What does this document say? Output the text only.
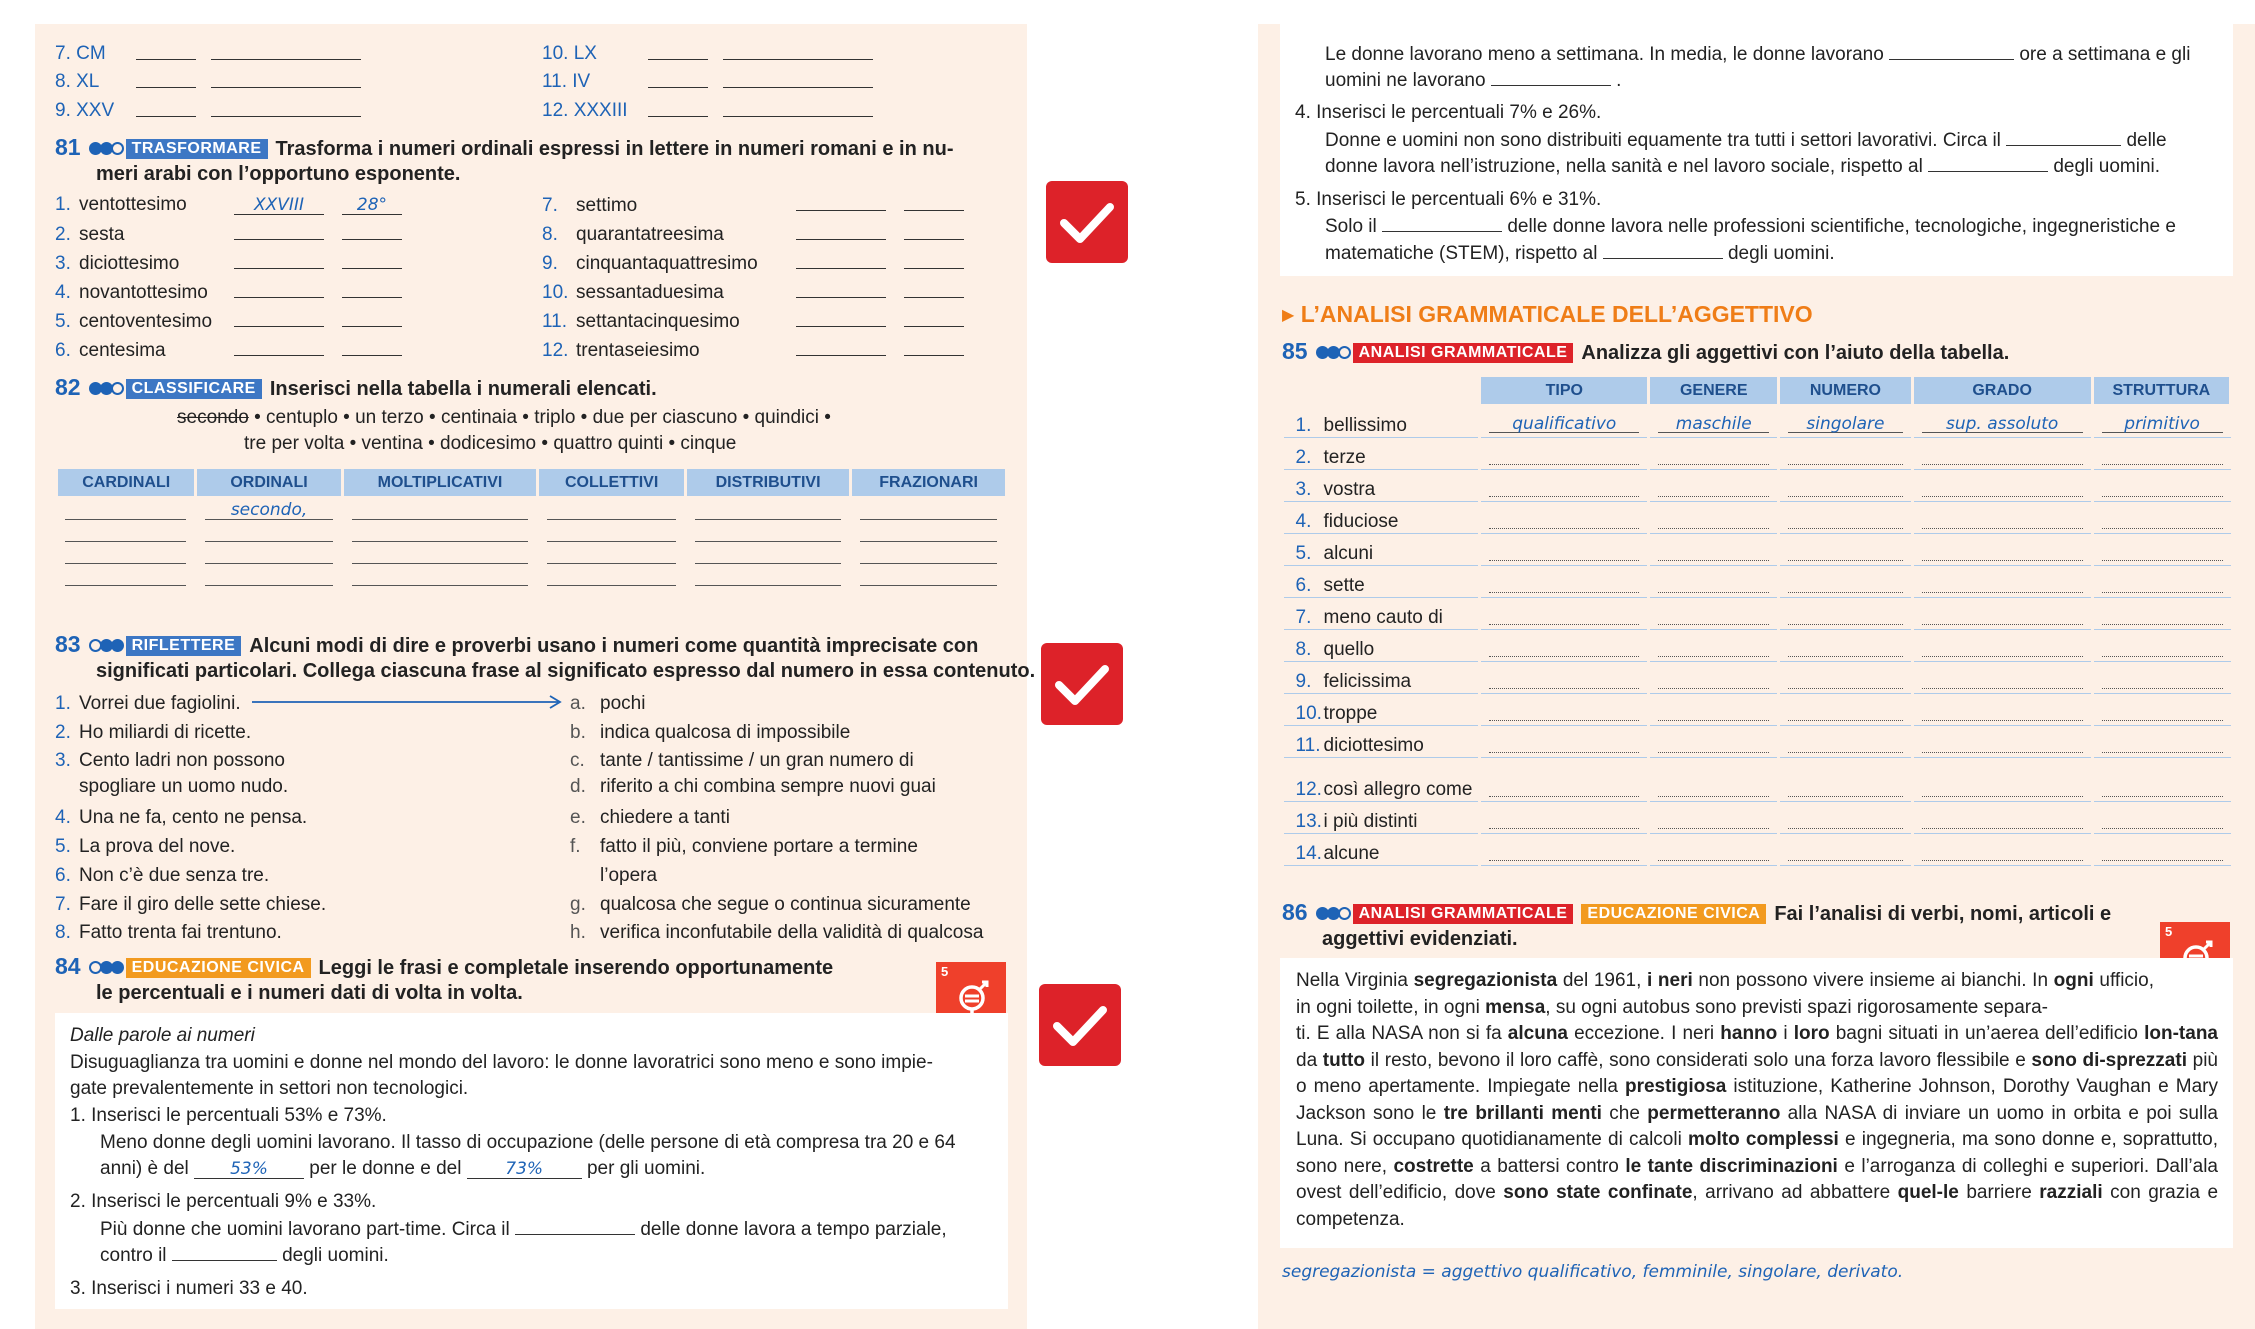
7. CM
8. XL
9. XXV

10. LX
11. IV
12. XXXIII

81	TRASFORMARE Trasforma i numeri ordinali espressi in lettere in numeri romani e in nu-
meri arabi con l’opportuno esponente.
1. ventottesimo	XXVIII	28°
2. sesta
3. diciottesimo
4. novantottesimo
5. centoventesimo
6. centesima
7. settimo
8. quarantatreesima
9. cinquantaquattresimo
10. sessantaduesima
11. settantacinquesimo
12. trentaseiesimo
82	CLASSIFICARE Inserisci nella tabella i numerali elencati.
secondo • centuplo • un terzo • centinaia • triplo • due per ciascuno • quindici •
tre per volta • ventina • dodicesimo • quattro quinti • cinque
CARDINALI	ORDINALI	MOLTIPLICATIVI	COLLETTIVI	DISTRIBUTIVI	FRAZIONARI

	secondo,				

83	RIFLETTERE Alcuni modi di dire e proverbi usano i numeri come quantità imprecisate con
significati particolari. Collega ciascuna frase al significato espresso dal numero in essa contenuto.
1. Vorrei due fagiolini.
2. Ho miliardi di ricette.
3. Cento ladri non possono
spogliare un uomo nudo.
4. Una ne fa, cento ne pensa.
5. La prova del nove.
6. Non c’è due senza tre.
7. Fare il giro delle sette chiese.
8. Fatto trenta fai trentuno.
a. pochi
b. indica qualcosa di impossibile
c. tante / tantissime / un gran numero di
d. riferito a chi combina sempre nuovi guai
e. chiedere a tanti
f. fatto il più, conviene portare a termine
l’opera
g. qualcosa che segue o continua sicuramente
h. verifica inconfutabile della validità di qualcosa
84	EDUCAZIONE CIVICA Leggi le frasi e completale inserendo opportunamente
le percentuali e i numeri dati di volta in volta.
5
Dalle parole ai numeri
Disuguaglianza tra uomini e donne nel mondo del lavoro: le donne lavoratrici sono meno e sono impie-
gate prevalentemente in settori non tecnologici.
1. Inserisci le percentuali 53% e 73%.
Meno donne degli uomini lavorano. Il tasso di occupazione (delle persone di età compresa tra 20 e 64
anni) è del 53% per le donne e del	73% per gli uomini.
2. Inserisci le percentuali 9% e 33%.
Più donne che uomini lavorano part-time. Circa il	delle donne lavora a tempo parziale,
contro il	degli uomini.
3. Inserisci i numeri 33 e 40.
Le donne lavorano meno a settimana. In media, le donne lavorano	ore a settimana e gli
uomini ne lavorano	.
4. Inserisci le percentuali 7% e 26%.
Donne e uomini non sono distribuiti equamente tra tutti i settori lavorativi. Circa il	delle
donne lavora nell’istruzione, nella sanità e nel lavoro sociale, rispetto al	degli uomini.
5. Inserisci le percentuali 6% e 31%.
Solo il	delle donne lavora nelle professioni scientifiche, tecnologiche, ingegneristiche e
matematiche (STEM), rispetto al	degli uomini.
▶ L’ANALISI GRAMMATICALE DELL’AGGETTIVO
85	ANALISI GRAMMATICALE Analizza gli aggettivi con l’aiuto della tabella.
	TIPO	GENERE	NUMERO	GRADO	STRUTTURA
1. bellissimo	qualificativo	maschile	singolare	sup. assoluto	primitivo

2. terze	

3. vostra	

4. fiduciose	

5. alcuni	

6. sette	

7. meno cauto di	

8. quello	

9. felicissima	

10.troppe	

11. diciottesimo	

12.così allegro come	

13.i più distinti	

14.alcune	

86	ANALISI GRAMMATICALE EDUCAZIONE CIVICA Fai l’analisi di verbi, nomi, articoli e
aggettivi evidenziati.	5
Nella Virginia segregazionista del 1961, i neri non possono vivere insieme ai bianchi. In ogni ufficio, in ogni toilette, in ogni mensa, su ogni autobus sono previsti spazi rigorosamente separa-
ti. E alla NASA non si fa alcuna eccezione. I neri hanno i loro bagni situati in un’aerea dell’edificio lon-tana da tutto il resto, bevono il loro caffè, sono considerati solo una forza lavoro flessibile e sono di-sprezzati più o meno apertamente. Impiegate nella prestigiosa istituzione, Katherine Johnson, Dorothy Vaughan e Mary Jackson sono le tre brillanti menti che permetteranno alla NASA di inviare un uomo in orbita e poi sulla Luna. Si occupano quotidianamente di calcoli molto complessi e ingegneria, ma sono donne e, soprattutto, sono nere, costrette a battersi contro le tante discriminazioni e l’arroganza di colleghi e superiori. Dall’ala ovest dell’edificio, dove sono state confinate, arrivano ad abbattere quel-le barriere razziali con grazia e competenza.
segregazionista = aggettivo qualificativo, femminile, singolare, derivato.
